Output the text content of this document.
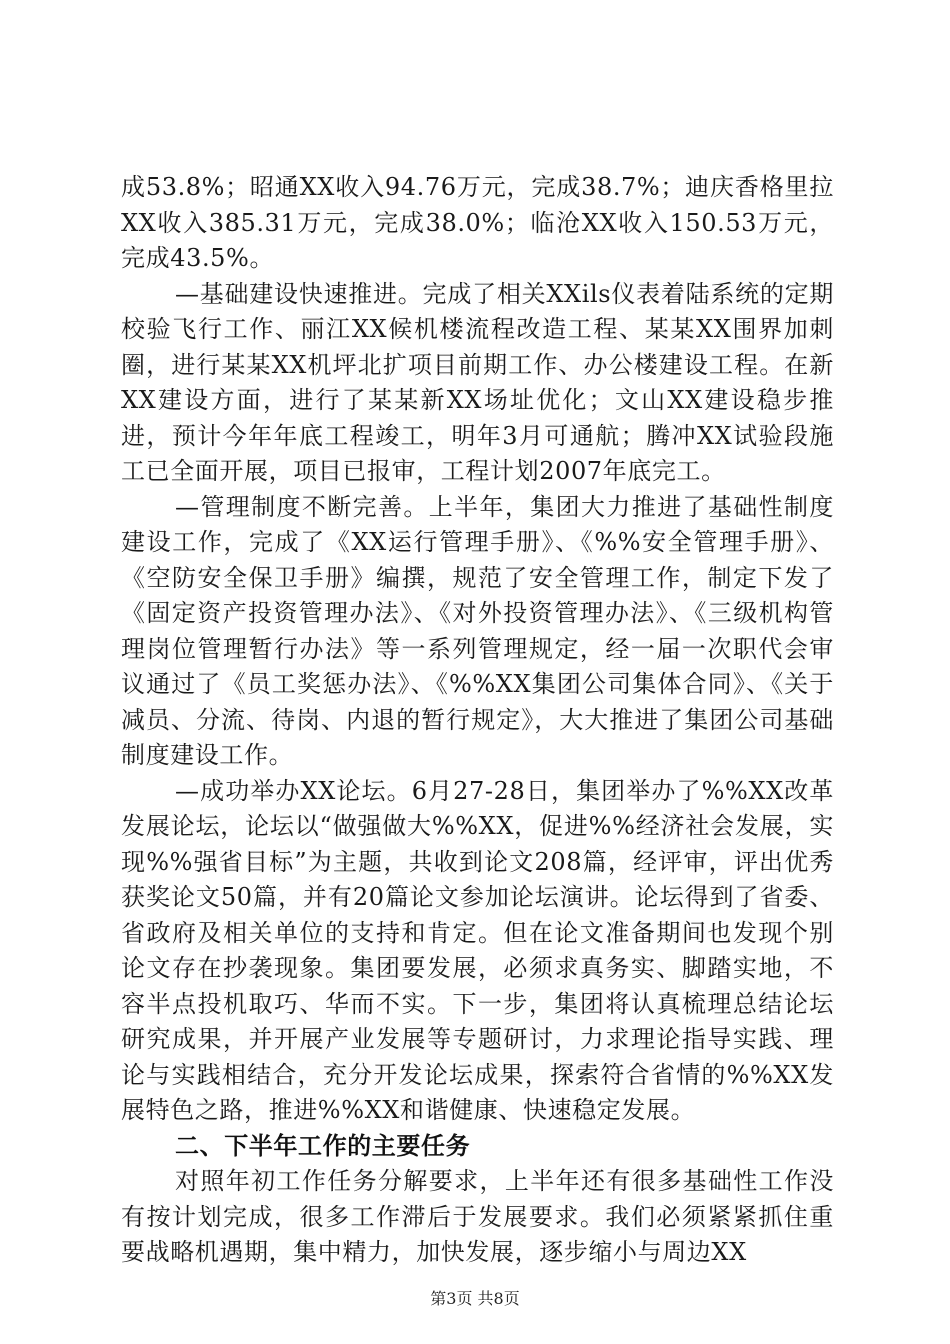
成53.8%；昭通XX收入94.76万元，完成38.7%；迪庆香格里拉XX收入385.31万元，完成38.0%；临沧XX收入150.53万元，完成43.5%。

—基础建设快速推进。完成了相关XXils仪表着陆系统的定期校验飞行工作、丽江XX候机楼流程改造工程、某某XX围界加刺圈，进行某某XX机坪北扩项目前期工作、办公楼建设工程。在新XX建设方面，进行了某某新XX场址优化；文山XX建设稳步推进，预计今年年底工程竣工，明年3月可通航；腾冲XX试验段施工已全面开展，项目已报审，工程计划2007年底完工。

—管理制度不断完善。上半年，集团大力推进了基础性制度建设工作，完成了《XX运行管理手册》、《%%安全管理手册》、《空防安全保卫手册》编撰，规范了安全管理工作，制定下发了《固定资产投资管理办法》、《对外投资管理办法》、《三级机构管理岗位管理暂行办法》等一系列管理规定，经一届一次职代会审议通过了《员工奖惩办法》、《%%XX集团公司集体合同》、《关于减员、分流、待岗、内退的暂行规定》，大大推进了集团公司基础制度建设工作。

—成功举办XX论坛。6月27-28日，集团举办了%%XX改革发展论坛，论坛以“做强做大%%XX，促进%%经济社会发展，实现%%强省目标”为主题，共收到论文208篇，经评审，评出优秀获奖论文50篇，并有20篇论文参加论坛演讲。论坛得到了省委、省政府及相关单位的支持和肯定。但在论文准备期间也发现个别论文存在抄袭现象。集团要发展，必须求真务实、脚踏实地，不容半点投机取巧、华而不实。下一步，集团将认真梳理总结论坛研究成果，并开展产业发展等专题研讨，力求理论指导实践、理论与实践相结合，充分开发论坛成果，探索符合省情的%%XX发展特色之路，推进%%XX和谐健康、快速稳定发展。

二、下半年工作的主要任务

对照年初工作任务分解要求，上半年还有很多基础性工作没有按计划完成，很多工作滞后于发展要求。我们必须紧紧抓住重要战略机遇期，集中精力，加快发展，逐步缩小与周边XX

第3页 共8页
